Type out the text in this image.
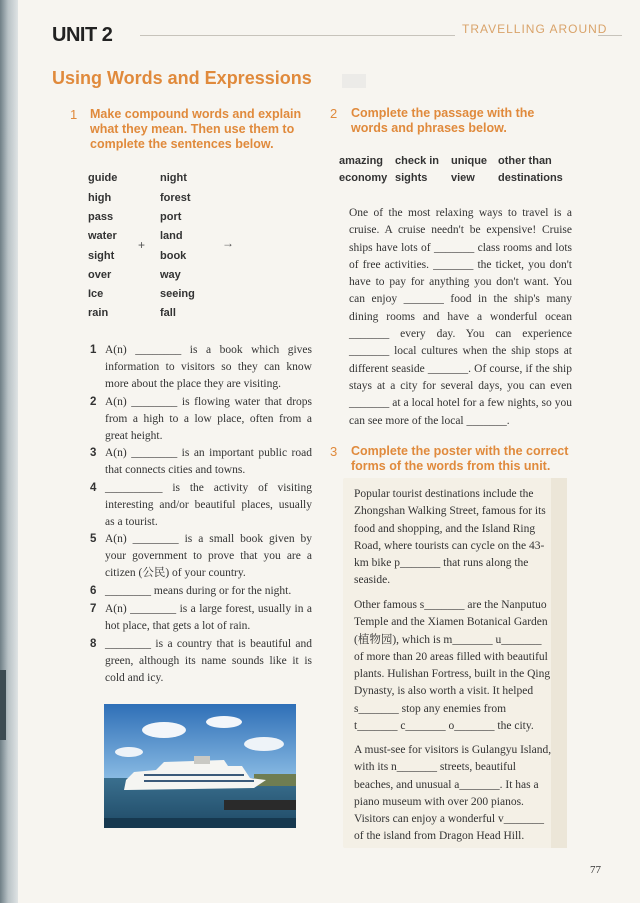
UNIT 2	TRAVELLING AROUND
Using Words and Expressions
1 Make compound words and explain
what they mean. Then use them to
complete the sentences below.
guide
high
pass
water
sight
over
Ice
rain
+
night
forest
port
land
book
way
seeing
fall
→
1 A(n) ________ is a book which gives information to visitors so they can know more about the place they are visiting.
2 A(n) ________ is flowing water that drops from a high to a low place, often from a great height.
3 A(n) ________ is an important public road that connects cities and towns.
4 __________ is the activity of visiting interesting and/or beautiful places, usually as a tourist.
5 A(n) ________ is a small book given by your government to prove that you are a citizen (公民) of your country.
6 ________ means during or for the night.
7 A(n) ________ is a large forest, usually in a hot place, that gets a lot of rain.
8 ________ is a country that is beautiful and green, although its name sounds like it is cold and icy.
2 Complete the passage with the
words and phrases below.
amazing check in unique other than
economy sights view destinations
One of the most relaxing ways to travel is a cruise. A cruise needn't be expensive! Cruise ships have lots of _______ class rooms and lots of free activities. _______ the ticket, you don't have to pay for anything you don't want. You can enjoy _______ food in the ship's many dining rooms and have a wonderful ocean _______ every day. You can experience _______ local cultures when the ship stops at different seaside _______. Of course, if the ship stays at a city for several days, you can even _______ at a local hotel for a few nights, so you can see more of the local _______.
3 Complete the poster with the correct
forms of the words from this unit.
Popular tourist destinations include the Zhongshan Walking Street, famous for its food and shopping, and the Island Ring Road, where tourists can cycle on the 43-km bike p_______ that runs along the seaside.
Other famous s_______ are the Nanputuo Temple and the Xiamen Botanical Garden (植物园), which is m_______ u_______ of more than 20 areas filled with beautiful plants. Hulishan Fortress, built in the Qing Dynasty, is also worth a visit. It helped s_______ stop any enemies from t_______ c_______ o_______ the city.
A must-see for visitors is Gulangyu Island, with its n_______ streets, beautiful beaches, and unusual a_______. It has a piano museum with over 200 pianos. Visitors can enjoy a wonderful v_______ of the island from Dragon Head Hill.
77
